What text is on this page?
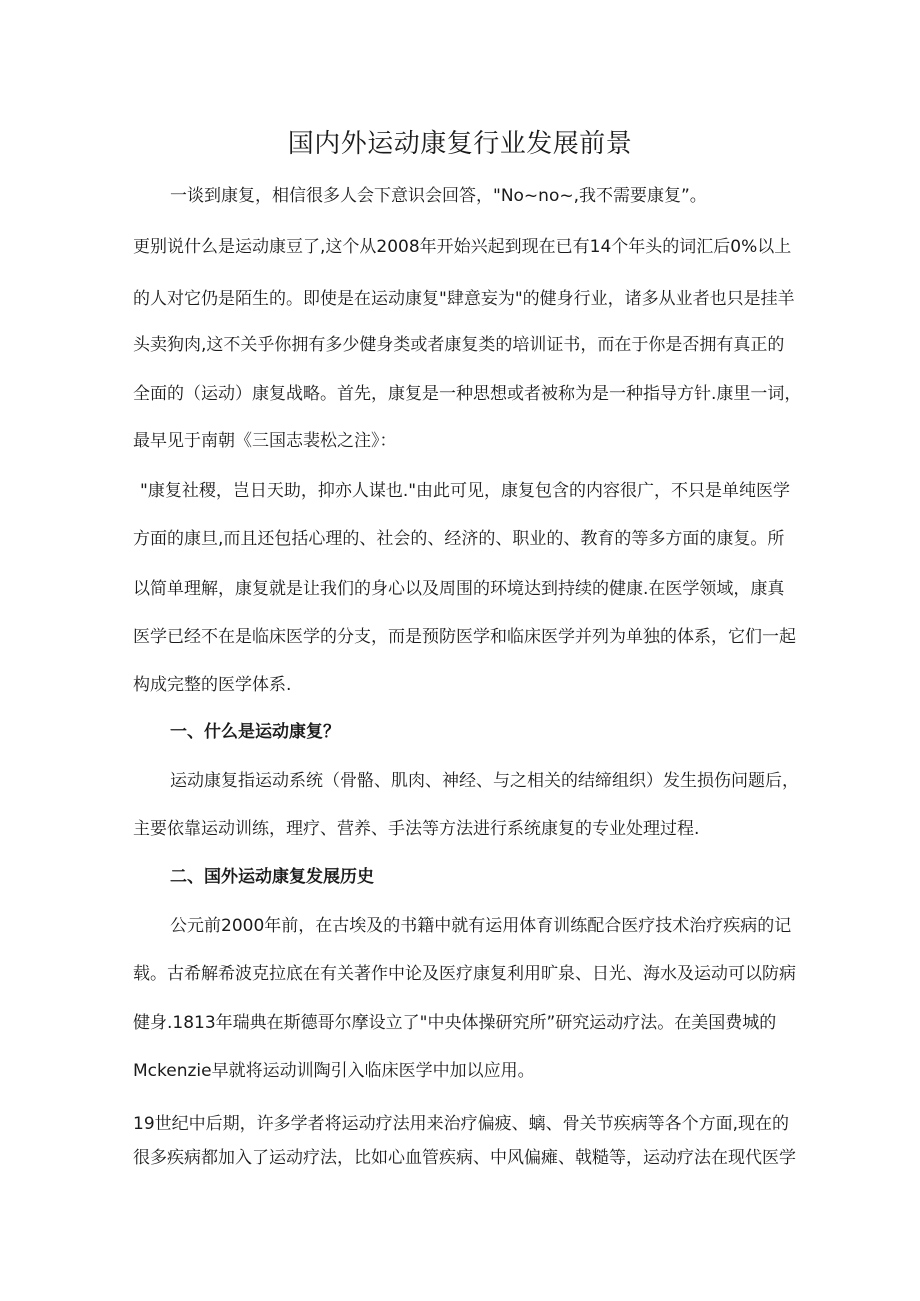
国内外运动康复行业发展前景

一谈到康复，相信很多人会下意识会回答，"No~no~,我不需要康复”。

更别说什么是运动康豆了,这个从2008年开始兴起到现在已有14个年头的词汇后0%以上

的人对它仍是陌生的。即使是在运动康复"肆意妄为"的健身行业，诸多从业者也只是挂羊

头卖狗肉,这不关乎你拥有多少健身类或者康复类的培训证书，而在于你是否拥有真正的

全面的（运动）康复战略。首先，康复是一种思想或者被称为是一种指导方针.康里一词，

最早见于南朝《三国志裴松之注》：

"康复社稷，岂日天助，抑亦人谋也."由此可见，康复包含的内容很广，不只是单纯医学

方面的康旦,而且还包括心理的、社会的、经济的、职业的、教育的等多方面的康复。所

以简单理解，康复就是让我们的身心以及周围的环境达到持续的健康.在医学领域，康真

医学已经不在是临床医学的分支，而是预防医学和临床医学并列为单独的体系，它们一起

构成完整的医学体系.

一、什么是运动康复？

运动康复指运动系统（骨骼、肌肉、神经、与之相关的结缔组织）发生损伤问题后，

主要依靠运动训练，理疗、营养、手法等方法进行系统康复的专业处理过程.

二、国外运动康复发展历史

公元前2000年前，在古埃及的书籍中就有运用体育训练配合医疗技术治疗疾病的记

载。古希解希波克拉底在有关著作中论及医疗康复利用旷泉、日光、海水及运动可以防病

健身.1813年瑞典在斯德哥尔摩设立了"中央体操研究所”研究运动疗法。在美国费城的

Mckenzie早就将运动训陶引入临床医学中加以应用。

19世纪中后期，许多学者将运动疗法用来治疗偏疲、螭、骨关节疾病等各个方面,现在的

很多疾病都加入了运动疗法，比如心血管疾病、中风偏瘫、戟糙等，运动疗法在现代医学
